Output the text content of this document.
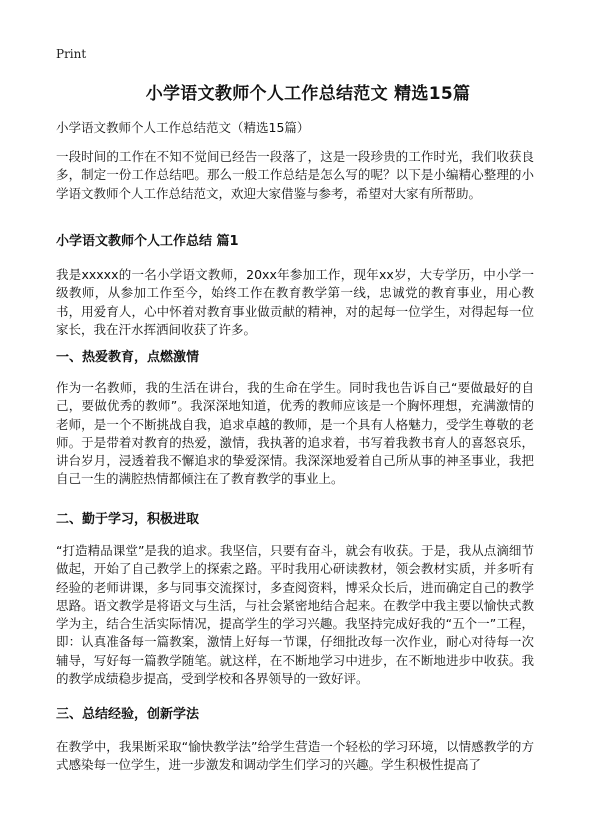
Print
小学语文教师个人工作总结范文 精选15篇

小学语文教师个人工作总结范文（精选15篇）

一段时间的工作在不知不觉间已经告一段落了，这是一段珍贵的工作时光，我们收获良多，制定一份工作总结吧。那么一般工作总结是怎么写的呢？以下是小编精心整理的小学语文教师个人工作总结范文，欢迎大家借鉴与参考，希望对大家有所帮助。

小学语文教师个人工作总结 篇1

我是xxxxx的一名小学语文教师，20xx年参加工作，现年xx岁，大专学历，中小学一级教师，从参加工作至今，始终工作在教育教学第一线，忠诚党的教育事业，用心教书，用爱育人，心中怀着对教育事业做贡献的精神，对的起每一位学生，对得起每一位家长，我在汗水挥洒间收获了许多。

一、热爱教育，点燃激情

作为一名教师，我的生活在讲台，我的生命在学生。同时我也告诉自己“要做最好的自己，要做优秀的教师”。我深深地知道，优秀的教师应该是一个胸怀理想，充满激情的老师，是一个不断挑战自我，追求卓越的教师，是一个具有人格魅力，受学生尊敬的老师。于是带着对教育的热爱，激情，我执著的追求着，书写着我教书育人的喜怒哀乐，讲台岁月，浸透着我不懈追求的挚爱深情。我深深地爱着自己所从事的神圣事业，我把自己一生的满腔热情都倾注在了教育教学的事业上。

二、勤于学习，积极进取

“打造精品课堂”是我的追求。我坚信，只要有奋斗，就会有收获。于是，我从点滴细节做起，开始了自己教学上的探索之路。平时我用心研读教材，领会教材实质，并多听有经验的老师讲课，多与同事交流探讨，多查阅资料，博采众长后，进而确定自己的教学思路。语文教学是将语文与生活，与社会紧密地结合起来。在教学中我主要以愉快式教学为主，结合生活实际情况，提高学生的学习兴趣。我坚持完成好我的“五个一”工程，即：认真准备每一篇教案，激情上好每一节课，仔细批改每一次作业，耐心对待每一次辅导，写好每一篇教学随笔。就这样，在不断地学习中进步，在不断地进步中收获。我的教学成绩稳步提高，受到学校和各界领导的一致好评。

三、总结经验，创新学法

在教学中，我果断采取“愉快教学法”给学生营造一个轻松的学习环境，以情感教学的方式感染每一位学生，进一步激发和调动学生们学习的兴趣。学生积极性提高了
